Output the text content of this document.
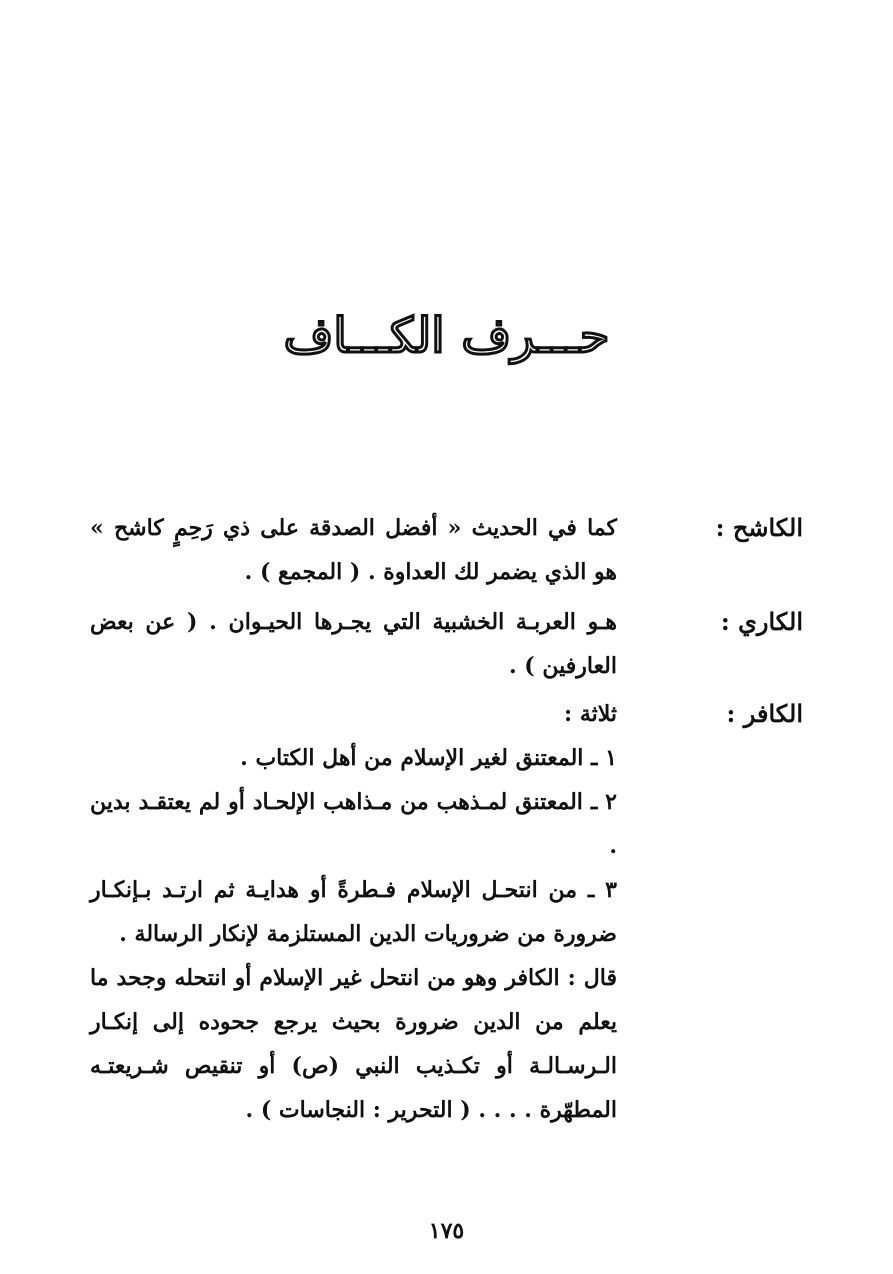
حـــرف الكـــاف
الكاشح :
كما في الحديث « أفضل الصدقة على ذي رَحِمٍ كاشح » هو الذي يضمر لك العداوة . ( المجمع ) .
الكاري :
هـو العربـة الخشبية التي يجـرها الحيـوان . ( عن بعض العارفين ) .
الكافر :
ثلاثة :
١ ـ المعتنق لغير الإسلام من أهل الكتاب .
٢ ـ المعتنق لمـذهب من مـذاهب الإلحـاد أو لم يعتقـد بدين .
٣ ـ من انتحـل الإسلام فـطرةً أو هدايـة ثم ارتـد بـإنكـار ضرورة من ضروريات الدين المستلزمة لإنكار الرسالة .
قال : الكافر وهو من انتحل غير الإسلام أو انتحله وجحد ما يعلم من الدين ضرورة بحيث يرجع جحوده إلى إنكـار الـرسـالـة أو تكـذيب النبي (ص) أو تنقيص شـريعتـه المطهّرة . . . . ( التحرير : النجاسات ) .
١٧٥
